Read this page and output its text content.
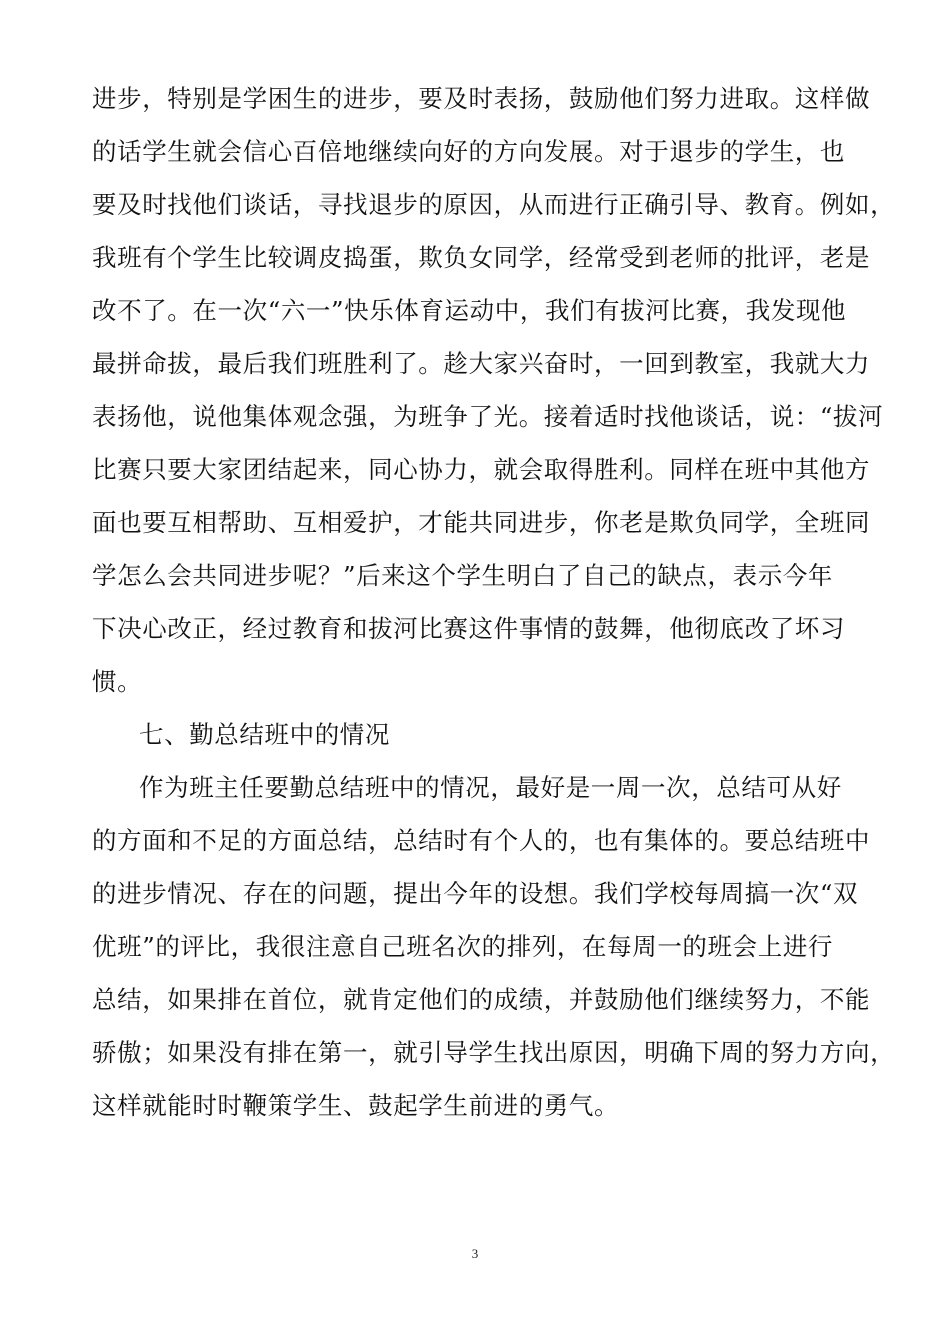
进步，特别是学困生的进步，要及时表扬，鼓励他们努力进取。这样做
的话学生就会信心百倍地继续向好的方向发展。对于退步的学生，也
要及时找他们谈话，寻找退步的原因，从而进行正确引导、教育。例如，
我班有个学生比较调皮捣蛋，欺负女同学，经常受到老师的批评，老是
改不了。在一次“六一”快乐体育运动中，我们有拔河比赛，我发现他
最拼命拔，最后我们班胜利了。趁大家兴奋时，一回到教室，我就大力
表扬他，说他集体观念强，为班争了光。接着适时找他谈话，说：“拔河
比赛只要大家团结起来，同心协力，就会取得胜利。同样在班中其他方
面也要互相帮助、互相爱护，才能共同进步，你老是欺负同学，全班同
学怎么会共同进步呢？”后来这个学生明白了自己的缺点，表示今年
下决心改正，经过教育和拔河比赛这件事情的鼓舞，他彻底改了坏习
惯。
七、勤总结班中的情况
作为班主任要勤总结班中的情况，最好是一周一次，总结可从好
的方面和不足的方面总结，总结时有个人的，也有集体的。要总结班中
的进步情况、存在的问题，提出今年的设想。我们学校每周搞一次“双
优班”的评比，我很注意自己班名次的排列，在每周一的班会上进行
总结，如果排在首位，就肯定他们的成绩，并鼓励他们继续努力，不能
骄傲；如果没有排在第一，就引导学生找出原因，明确下周的努力方向，
这样就能时时鞭策学生、鼓起学生前进的勇气。
3
